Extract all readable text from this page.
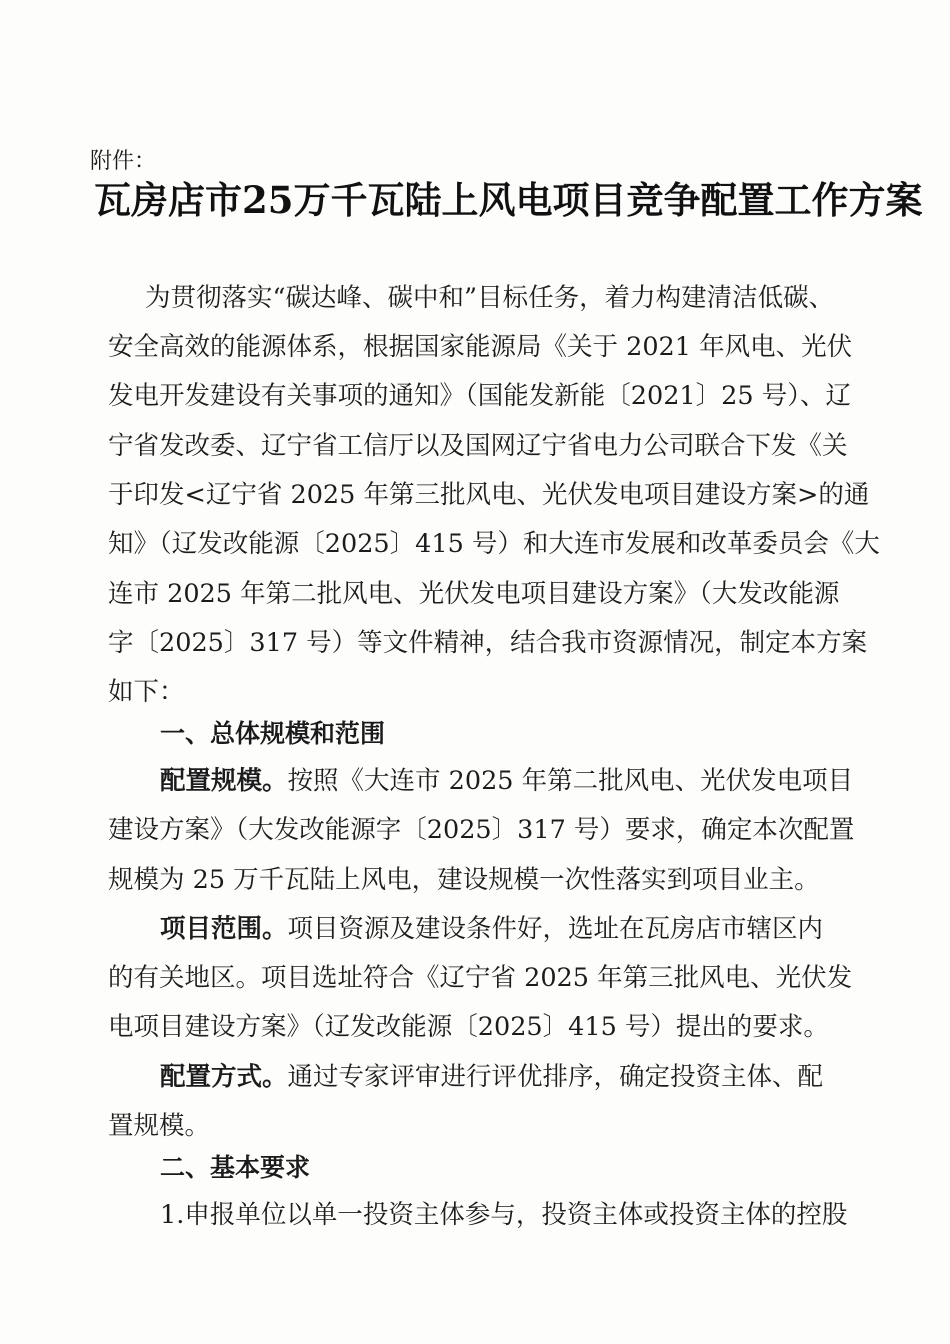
附件：
瓦房店市25万千瓦陆上风电项目竞争配置工作方案
为贯彻落实“碳达峰、碳中和”目标任务，着力构建清洁低碳、
安全高效的能源体系，根据国家能源局《关于 2021 年风电、光伏
发电开发建设有关事项的通知》（国能发新能〔2021〕25 号）、辽
宁省发改委、辽宁省工信厅以及国网辽宁省电力公司联合下发《关
于印发<辽宁省 2025 年第三批风电、光伏发电项目建设方案>的通
知》（辽发改能源〔2025〕415 号）和大连市发展和改革委员会《大
连市 2025 年第二批风电、光伏发电项目建设方案》（大发改能源
字〔2025〕317 号）等文件精神，结合我市资源情况，制定本方案
如下：
一、总体规模和范围
配置规模。按照《大连市 2025 年第二批风电、光伏发电项目
建设方案》（大发改能源字〔2025〕317 号）要求，确定本次配置
规模为 25 万千瓦陆上风电，建设规模一次性落实到项目业主。
项目范围。项目资源及建设条件好，选址在瓦房店市辖区内
的有关地区。项目选址符合《辽宁省 2025 年第三批风电、光伏发
电项目建设方案》（辽发改能源〔2025〕415 号）提出的要求。
配置方式。通过专家评审进行评优排序，确定投资主体、配
置规模。
二、基本要求
1.申报单位以单一投资主体参与，投资主体或投资主体的控股
